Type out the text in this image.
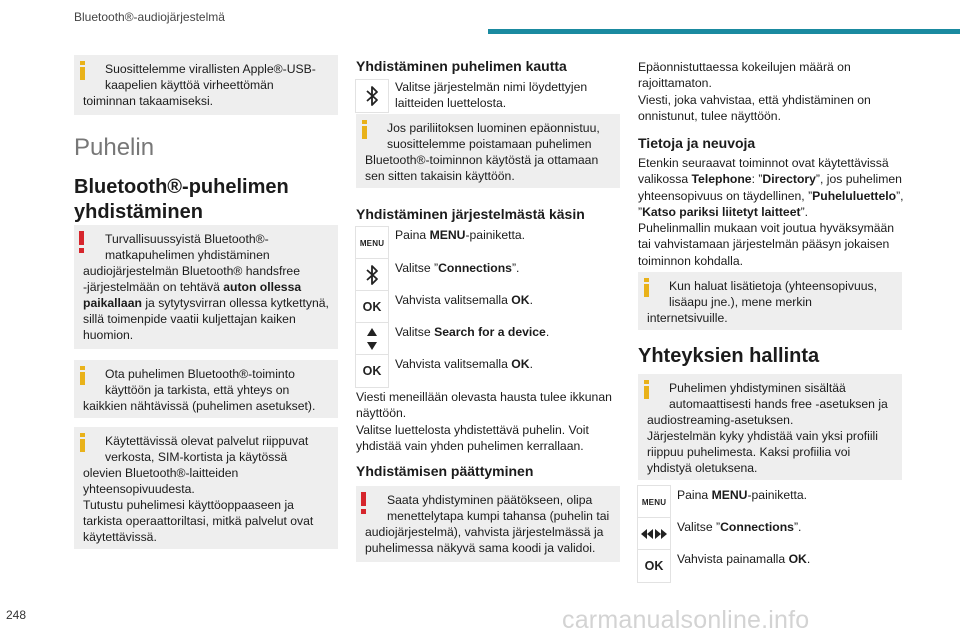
Bluetooth®-audiojärjestelmä

Suosittelemme virallisten Apple®-USB-

kaapelien käyttöä virheettömän

toiminnan takaamiseksi.

Puhelin
Bluetooth®-puhelimen
yhdistäminen

Turvallisuussyistä Bluetooth®-

matkapuhelimen yhdistäminen

audiojärjestelmän Bluetooth® handsfree

-järjestelmään on tehtävä auton ollessa

paikallaan ja sytytysvirran ollessa kytkettynä,

sillä toimenpide vaatii kuljettajan kaiken

huomion.

Ota puhelimen Bluetooth®-toiminto

käyttöön ja tarkista, että yhteys on

kaikkien nähtävissä (puhelimen asetukset).

Käytettävissä olevat palvelut riippuvat

verkosta, SIM-kortista ja käytössä

olevien Bluetooth®-laitteiden

yhteensopivuudesta.

Tutustu puhelimesi käyttöoppaaseen ja

tarkista operaattoriltasi, mitkä palvelut ovat

käytettävissä.

Yhdistäminen puhelimen kautta
Valitse järjestelmän nimi löydettyjen
laitteiden luettelosta.

Jos pariliitoksen luominen epäonnistuu,

suosittelemme poistamaan puhelimen

Bluetooth®-toiminnon käytöstä ja ottamaan

sen sitten takaisin käyttöön.

Yhdistäminen järjestelmästä käsin
MENU
Paina MENU-painiketta.
Valitse ”Connections”.
OK	Vahvista valitsemalla OK.
Valitse Search for a device.
OK	Vahvista valitsemalla OK.
Viesti meneillään olevasta hausta tulee ikkunan
näyttöön.
Valitse luettelosta yhdistettävä puhelin. Voit
yhdistää vain yhden puhelimen kerrallaan.
Yhdistämisen päättyminen

Saata yhdistyminen päätökseen, olipa

menettelytapa kumpi tahansa (puhelin tai

audiojärjestelmä), vahvista järjestelmässä ja

puhelimessa näkyvä sama koodi ja validoi.

Epäonnistuttaessa kokeilujen määrä on
rajoittamaton.
Viesti, joka vahvistaa, että yhdistäminen on
onnistunut, tulee näyttöön.
Tietoja ja neuvoja
Etenkin seuraavat toiminnot ovat käytettävissä
valikossa Telephone: ”Directory”, jos puhelimen
yhteensopivuus on täydellinen, ”Puheluluettelo”,
”Katso pariksi liitetyt laitteet”.
Puhelinmallin mukaan voit joutua hyväksymään
tai vahvistamaan järjestelmän pääsyn jokaisen
toiminnon kohdalla.

Kun haluat lisätietoja (yhteensopivuus,

lisäapu jne.), mene merkin

internetsivuille.

Yhteyksien hallinta

Puhelimen yhdistyminen sisältää

automaattisesti hands free -asetuksen ja

audiostreaming-asetuksen.

Järjestelmän kyky yhdistää vain yksi profiili

riippuu puhelimesta. Kaksi profiilia voi

yhdistyä oletuksena.

MENU Paina MENU-painiketta.
Valitse ”Connections”.
OK	Vahvista painamalla OK.
248	carmanualsonline.info
